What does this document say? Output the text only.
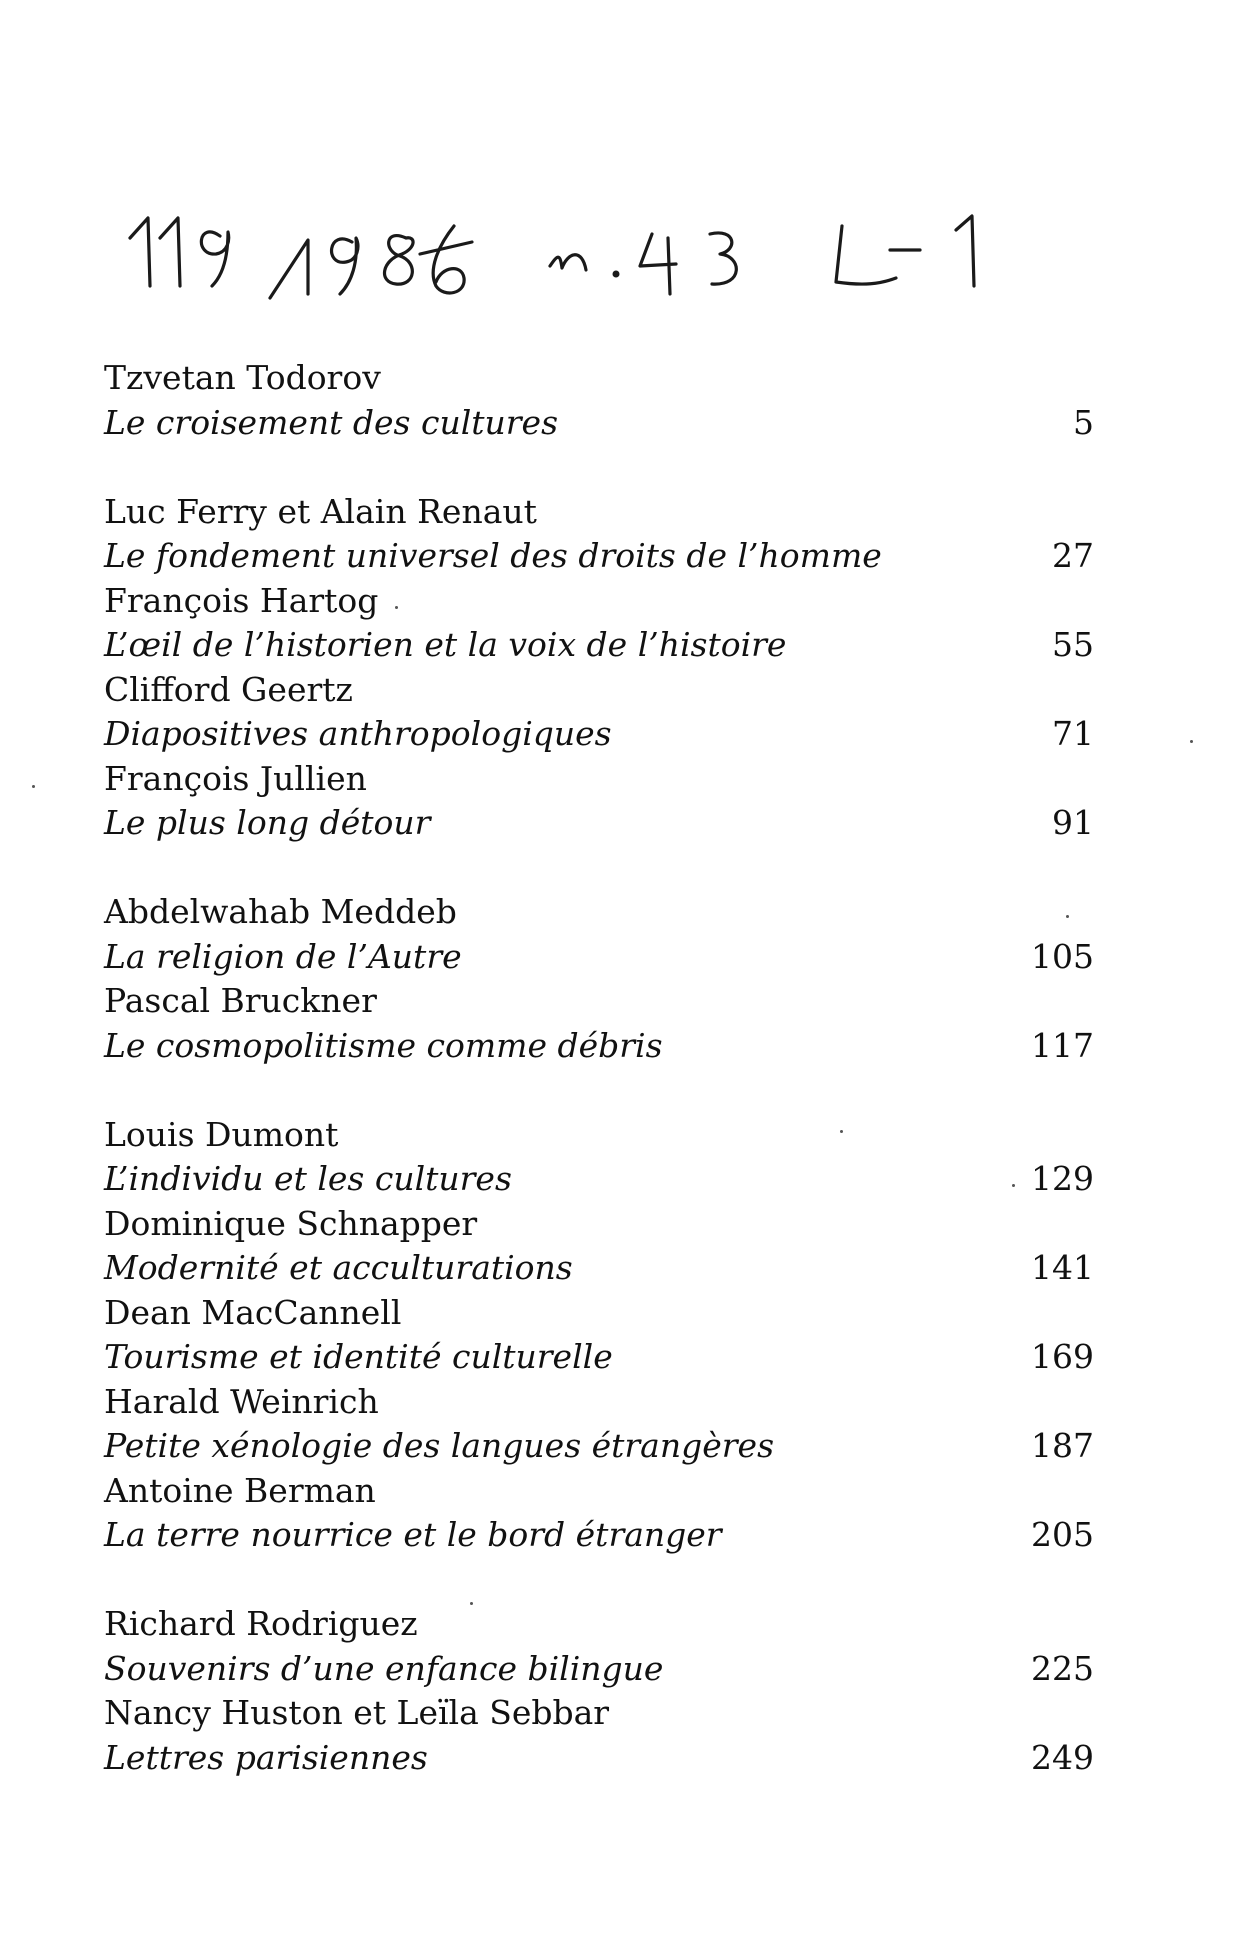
Tzvetan Todorov
Le croisement des cultures	5
Luc Ferry et Alain Renaut
Le fondement universel des droits de l’homme	27
François Hartog
L’œil de l’historien et la voix de l’histoire	55
Clifford Geertz
Diapositives anthropologiques	71
François Jullien
Le plus long détour	91
Abdelwahab Meddeb
La religion de l’Autre	105
Pascal Bruckner
Le cosmopolitisme comme débris	117
Louis Dumont
L’individu et les cultures	129
Dominique Schnapper
Modernité et acculturations	141
Dean MacCannell
Tourisme et identité culturelle	169
Harald Weinrich
Petite xénologie des langues étrangères	187
Antoine Berman
La terre nourrice et le bord étranger	205
Richard Rodriguez
Souvenirs d’une enfance bilingue	225
Nancy Huston et Leïla Sebbar
Lettres parisiennes	249
